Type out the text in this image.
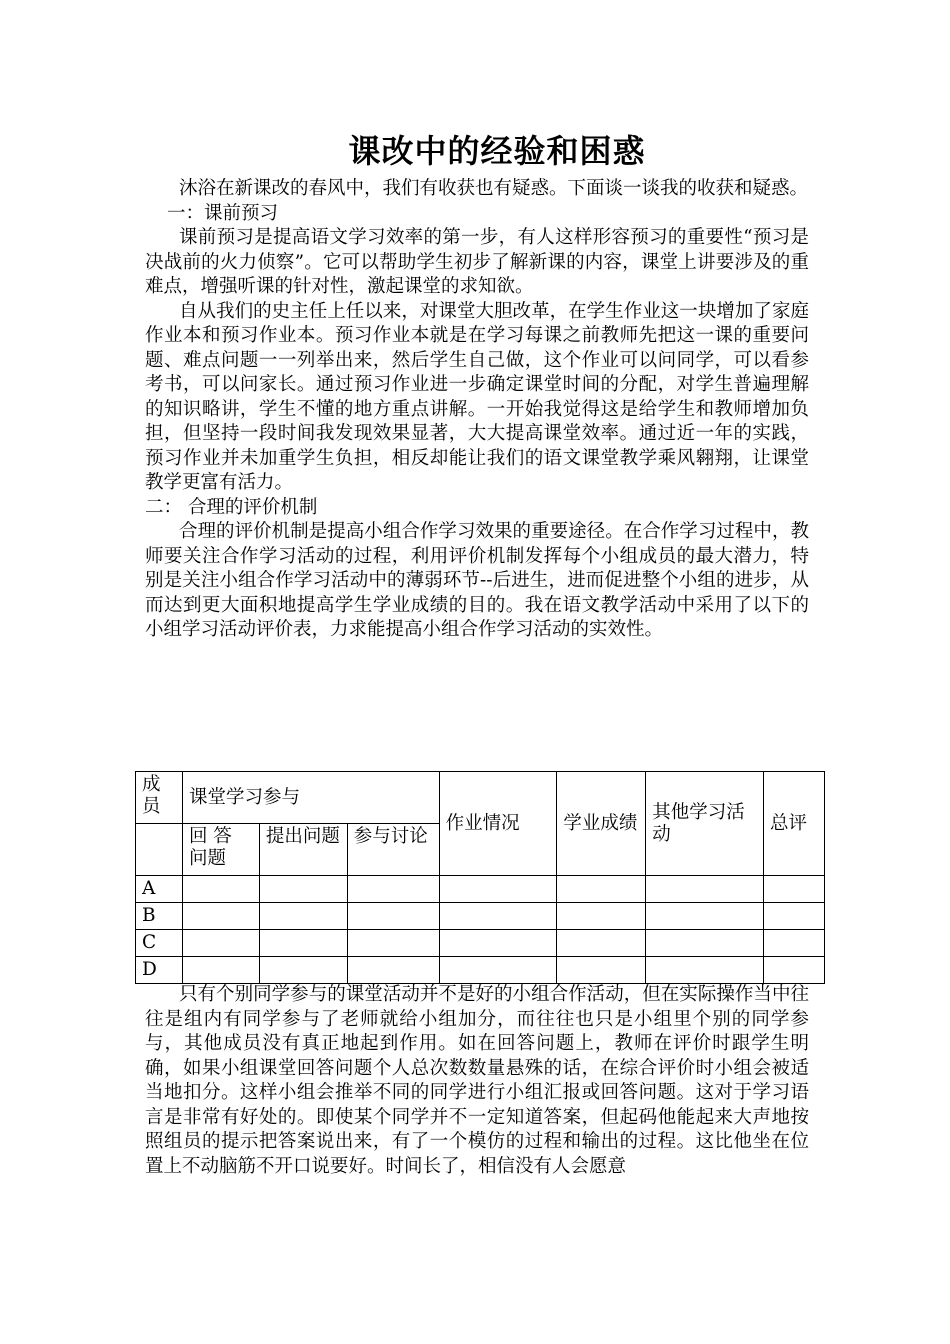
课改中的经验和困惑

沐浴在新课改的春风中，我们有收获也有疑惑。下面谈一谈我的收获和疑惑。

一：课前预习

课前预习是提高语文学习效率的第一步，有人这样形容预习的重要性“预习是决战前的火力侦察”。它可以帮助学生初步了解新课的内容，课堂上讲要涉及的重难点，增强听课的针对性，激起课堂的求知欲。

自从我们的史主任上任以来，对课堂大胆改革，在学生作业这一块增加了家庭作业本和预习作业本。预习作业本就是在学习每课之前教师先把这一课的重要问题、难点问题一一列举出来，然后学生自己做，这个作业可以问同学，可以看参考书，可以问家长。通过预习作业进一步确定课堂时间的分配，对学生普遍理解的知识略讲，学生不懂的地方重点讲解。一开始我觉得这是给学生和教师增加负担，但坚持一段时间我发现效果显著，大大提高课堂效率。通过近一年的实践，预习作业并未加重学生负担，相反却能让我们的语文课堂教学乘风翱翔，让课堂教学更富有活力。

二： 合理的评价机制

合理的评价机制是提高小组合作学习效果的重要途径。在合作学习过程中，教师要关注合作学习活动的过程，利用评价机制发挥每个小组成员的最大潜力，特别是关注小组合作学习活动中的薄弱环节--后进生，进而促进整个小组的进步，从而达到更大面积地提高学生学业成绩的目的。我在语文教学活动中采用了以下的小组学习活动评价表，力求能提高小组合作学习活动的实效性。

成员	课堂学习参与			作业情况	学业成绩	其他学习活动	总评
	回 答 问题	提出问题	参与讨论				
A							
B							
C							
D							

只有个别同学参与的课堂活动并不是好的小组合作活动，但在实际操作当中往往是组内有同学参与了老师就给小组加分，而往往也只是小组里个别的同学参与，其他成员没有真正地起到作用。如在回答问题上，教师在评价时跟学生明确，如果小组课堂回答问题个人总次数数量悬殊的话，在综合评价时小组会被适当地扣分。这样小组会推举不同的同学进行小组汇报或回答问题。这对于学习语言是非常有好处的。即使某个同学并不一定知道答案，但起码他能起来大声地按照组员的提示把答案说出来，有了一个模仿的过程和输出的过程。这比他坐在位置上不动脑筋不开口说要好。时间长了，相信没有人会愿意
